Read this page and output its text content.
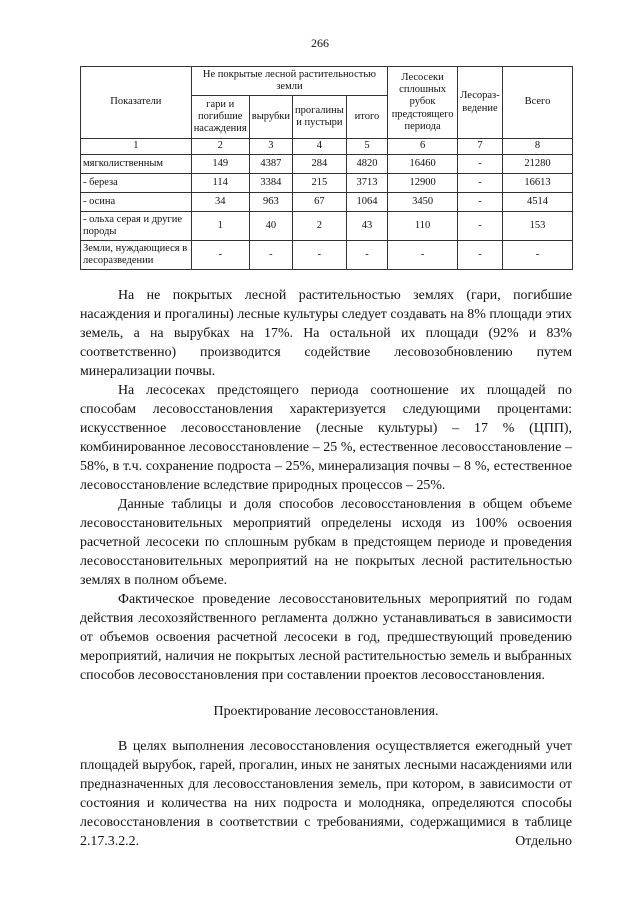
266
Показатели	Не покрытые лесной растительностью земли				Лесосеки сплошных рубок предстоящего периода	Лесораз-ведение	Всего
	гари и погибшие насаждения	вырубки	прогалины и пустыри	итого			
1	2	3	4	5	6	7	8
мягколиственным	149	4387	284	4820	16460	-	21280
- береза	114	3384	215	3713	12900	-	16613
- осина	34	963	67	1064	3450	-	4514
- ольха серая и другие породы	1	40	2	43	110	-	153
Земли, нуждающиеся в лесоразведении	-	-	-	-	-	-	-

На не покрытых лесной растительностью землях (гари, погибшие насаждения и прогалины) лесные культуры следует создавать на 8% площади этих земель, а на вырубках на 17%. На остальной их площади (92% и 83% соответственно) производится содействие лесовозобновлению путем минерализации почвы.

На лесосеках предстоящего периода соотношение их площадей по способам лесовосстановления характеризуется следующими процентами: искусственное лесовосстановление (лесные культуры) – 17 % (ЦПП), комбинированное лесовосстановление – 25 %, естественное лесовосстановление – 58%, в т.ч. сохранение подроста – 25%, минерализация почвы – 8 %, естественное лесовосстановление вследствие природных процессов – 25%.

Данные таблицы и доля способов лесовосстановления в общем объеме лесовосстановительных мероприятий определены исходя из 100% освоения расчетной лесосеки по сплошным рубкам в предстоящем периоде и проведения лесовосстановительных мероприятий на не покрытых лесной растительностью землях в полном объеме.

Фактическое проведение лесовосстановительных мероприятий по годам действия лесохозяйственного регламента должно устанавливаться в зависимости от объемов освоения расчетной лесосеки в год, предшествующий проведению мероприятий, наличия не покрытых лесной растительностью земель и выбранных способов лесовосстановления при составлении проектов лесовосстановления.

Проектирование лесовосстановления.

В целях выполнения лесовосстановления осуществляется ежегодный учет площадей вырубок, гарей, прогалин, иных не занятых лесными насаждениями или предназначенных для лесовосстановления земель, при котором, в зависимости от состояния и количества на них подроста и молодняка, определяются способы лесовосстановления в соответствии с требованиями, содержащимися в таблице 2.17.3.2.2. Отдельно
